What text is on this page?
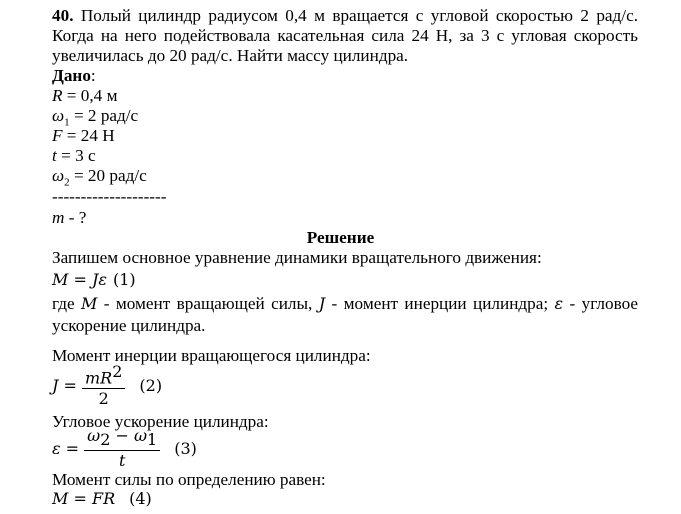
40. Полый цилиндр радиусом 0,4 м вращается с угловой скоростью 2 рад/с.
Когда на него подействовала касательная сила 24 Н, за 3 с угловая скорость
увеличилась до 20 рад/с. Найти массу цилиндра.
Дано:
R = 0,4 м
$\omega_1 = 2$ рад/с
F = 24 Н
t = 3 с
$\omega_2 = 20$ рад/с
--------------------
m - ?
Решение
Запишем основное уравнение динамики вращательного движения:
M = Jε (1)
где M - момент вращающей силы, J - момент инерции цилиндра; ε - угловое
ускорение цилиндра.
Момент инерции вращающегося цилиндра:
$J = \frac{mR^2}{2} (2)$
Угловое ускорение цилиндра:
$\varepsilon = \frac{\omega_2 - \omega_1}{t} (3)$
Момент силы по определению равен:
M = FR (4)
